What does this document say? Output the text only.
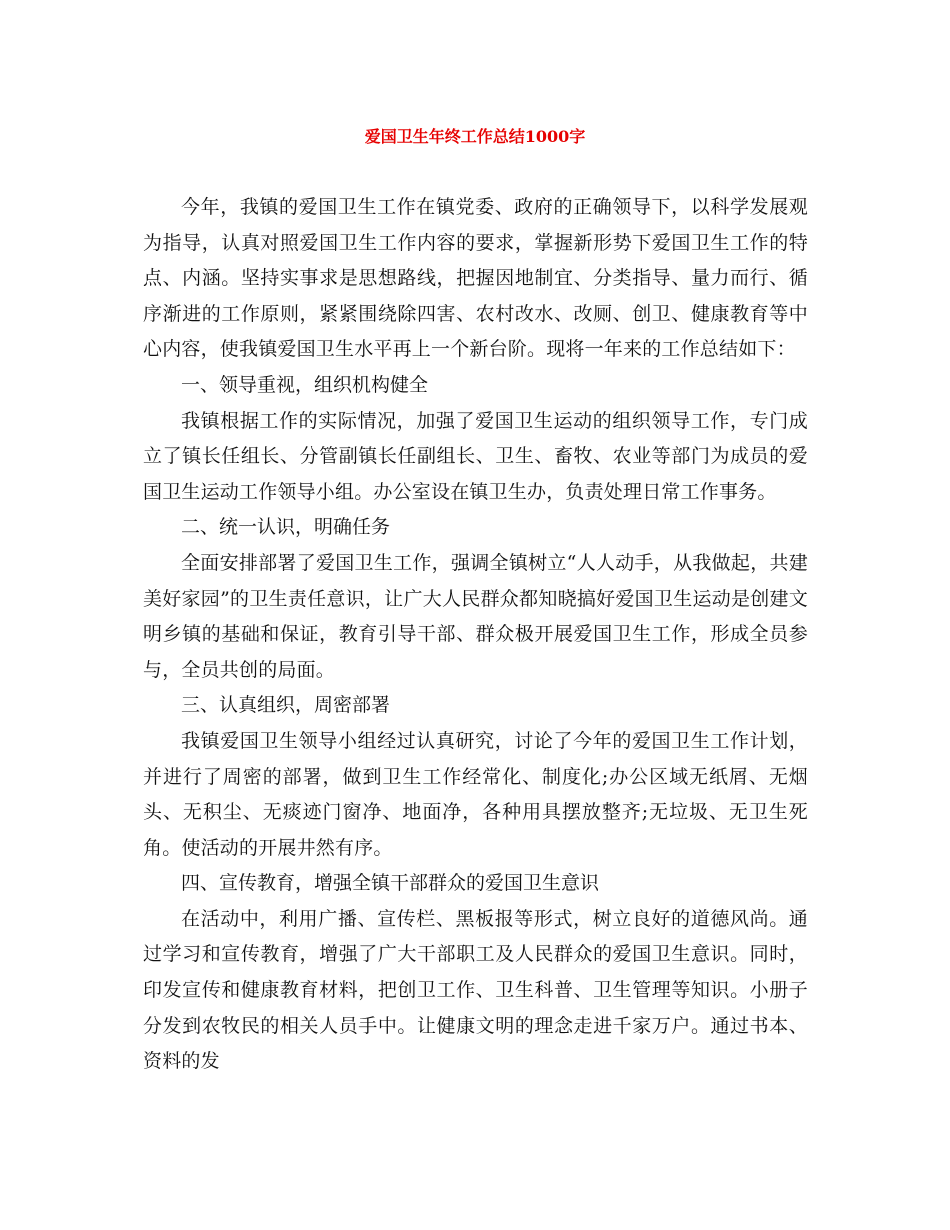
爱国卫生年终工作总结1000字

今年，我镇的爱国卫生工作在镇党委、政府的正确领导下，以科学发展观为指导，认真对照爱国卫生工作内容的要求，掌握新形势下爱国卫生工作的特点、内涵。坚持实事求是思想路线，把握因地制宜、分类指导、量力而行、循序渐进的工作原则，紧紧围绕除四害、农村改水、改厕、创卫、健康教育等中心内容，使我镇爱国卫生水平再上一个新台阶。现将一年来的工作总结如下：

一、领导重视，组织机构健全

我镇根据工作的实际情况，加强了爱国卫生运动的组织领导工作，专门成立了镇长任组长、分管副镇长任副组长、卫生、畜牧、农业等部门为成员的爱国卫生运动工作领导小组。办公室设在镇卫生办，负责处理日常工作事务。

二、统一认识，明确任务

全面安排部署了爱国卫生工作，强调全镇树立“人人动手，从我做起，共建美好家园”的卫生责任意识，让广大人民群众都知晓搞好爱国卫生运动是创建文明乡镇的基础和保证，教育引导干部、群众极开展爱国卫生工作，形成全员参与，全员共创的局面。

三、认真组织，周密部署

我镇爱国卫生领导小组经过认真研究，讨论了今年的爱国卫生工作计划，并进行了周密的部署，做到卫生工作经常化、制度化;办公区域无纸屑、无烟头、无积尘、无痰迹门窗净、地面净，各种用具摆放整齐;无垃圾、无卫生死角。使活动的开展井然有序。

四、宣传教育，增强全镇干部群众的爱国卫生意识

在活动中，利用广播、宣传栏、黑板报等形式，树立良好的道德风尚。通过学习和宣传教育，增强了广大干部职工及人民群众的爱国卫生意识。同时，印发宣传和健康教育材料，把创卫工作、卫生科普、卫生管理等知识。小册子分发到农牧民的相关人员手中。让健康文明的理念走进千家万户。通过书本、资料的发
